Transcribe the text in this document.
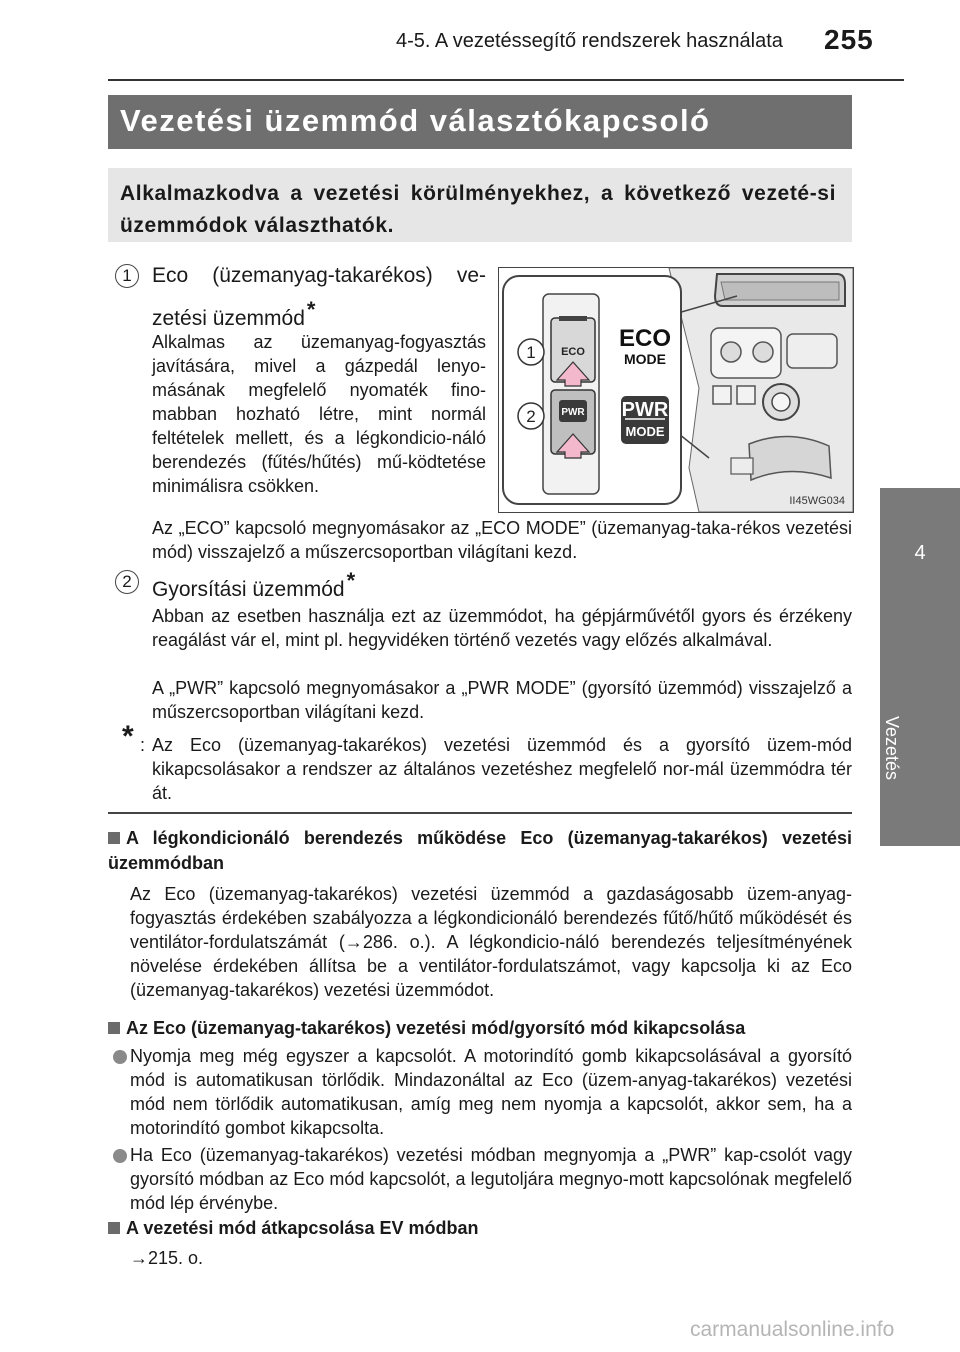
4-5. A vezetéssegítő rendszerek használata 255
4
Vezetés
Vezetési üzemmód választókapcsoló

Alkalmazkodva a vezetési körülményekhez, a következő vezeté-si üzemmódok választhatók.

1 Eco (üzemanyag-takarékos) ve-
zetési üzemmód*
Alkalmas az üzemanyag-fogyasztás javítására, mivel a gázpedál lenyo-másának megfelelő nyomaték fino-mabban hozható létre, mint normál feltételek mellett, és a légkondicio-náló berendezés (fűtés/hűtés) mű-ködtetése minimálisra csökken.
Az „ECO” kapcsoló megnyomásakor az „ECO MODE” (üzemanyag-taka-rékos vezetési mód) visszajelző a műszercsoportban világítani kezd.
1
2
ECO
PWR
ECO
MODE
PWR
MODE
II45WG034
2 Gyorsítási üzemmód*
Abban az esetben használja ezt az üzemmódot, ha gépjárművétől gyors és érzékeny reagálást vár el, mint pl. hegyvidéken történő vezetés vagy előzés alkalmával.
A „PWR” kapcsoló megnyomásakor a „PWR MODE” (gyorsító üzemmód) visszajelző a műszercsoportban világítani kezd.
* : Az Eco (üzemanyag-takarékos) vezetési üzemmód és a gyorsító üzem-mód kikapcsolásakor a rendszer az általános vezetéshez megfelelő nor-mál üzemmódra tér át.
A légkondicionáló berendezés működése Eco (üzemanyag-takarékos) vezetési üzemmódban
Az Eco (üzemanyag-takarékos) vezetési üzemmód a gazdaságosabb üzem-anyag-fogyasztás érdekében szabályozza a légkondicionáló berendezés fűtő/hűtő működését és ventilátor-fordulatszámát (→286. o.). A légkondicio-náló berendezés teljesítményének növelése érdekében állítsa be a ventilátor-fordulatszámot, vagy kapcsolja ki az Eco (üzemanyag-takarékos) vezetési üzemmódot.
Az Eco (üzemanyag-takarékos) vezetési mód/gyorsító mód kikapcsolása
Nyomja meg még egyszer a kapcsolót. A motorindító gomb kikapcsolásával a gyorsító mód is automatikusan törlődik. Mindazonáltal az Eco (üzem-anyag-takarékos) vezetési mód nem törlődik automatikusan, amíg meg nem nyomja a kapcsolót, akkor sem, ha a motorindító gombot kikapcsolta.
Ha Eco (üzemanyag-takarékos) vezetési módban megnyomja a „PWR” kap-csolót vagy gyorsító módban az Eco mód kapcsolót, a legutoljára megnyo-mott kapcsolónak megfelelő mód lép érvénybe.
A vezetési mód átkapcsolása EV módban
→215. o.
carmanualsonline.info
